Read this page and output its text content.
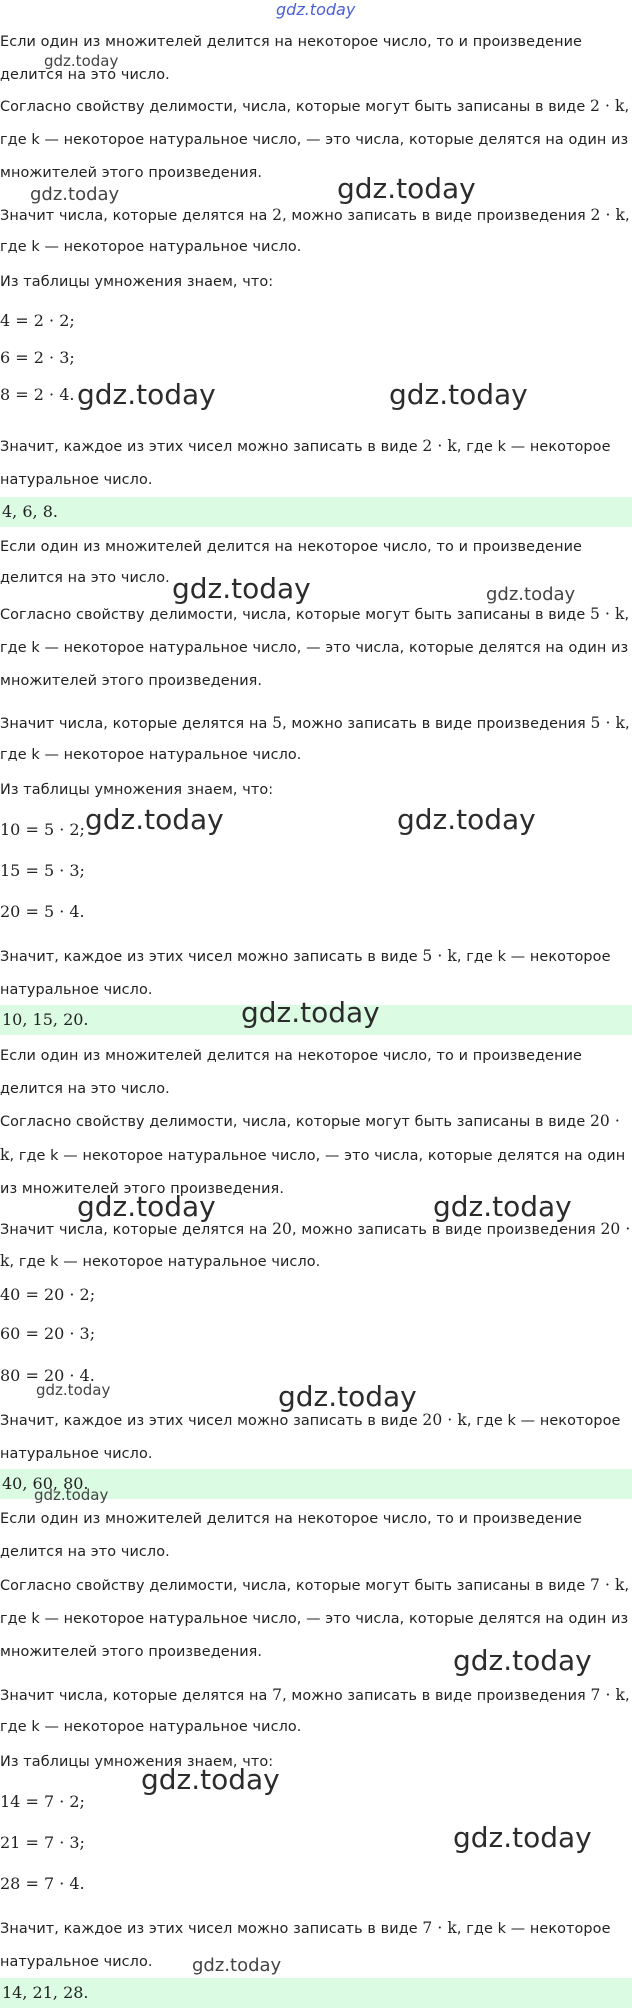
gdz.today

Если один из множителей делится на некоторое число, то и произведение делится на это число.

Согласно свойству делимости, числа, которые могут быть записаны в виде 2 · k, где k — некоторое натуральное число, — это числа, которые делятся на один из множителей этого произведения.

Значит числа, которые делятся на 2, можно записать в виде произведения 2 · k, где k — некоторое натуральное число.

Из таблицы умножения знаем, что:

4 = 2 · 2;
6 = 2 · 3;
8 = 2 · 4.

Значит, каждое из этих чисел можно записать в виде 2 · k, где k — некоторое натуральное число.

4, 6, 8.

Если один из множителей делится на некоторое число, то и произведение делится на это число.

Согласно свойству делимости, числа, которые могут быть записаны в виде 5 · k, где k — некоторое натуральное число, — это числа, которые делятся на один из множителей этого произведения.

Значит числа, которые делятся на 5, можно записать в виде произведения 5 · k, где k — некоторое натуральное число.

Из таблицы умножения знаем, что:

10 = 5 · 2;
15 = 5 · 3;
20 = 5 · 4.

Значит, каждое из этих чисел можно записать в виде 5 · k, где k — некоторое натуральное число.

10, 15, 20.

Если один из множителей делится на некоторое число, то и произведение делится на это число.

Согласно свойству делимости, числа, которые могут быть записаны в виде 20 · k, где k — некоторое натуральное число, — это числа, которые делятся на один из множителей этого произведения.

Значит числа, которые делятся на 20, можно записать в виде произведения 20 · k, где k — некоторое натуральное число.

40 = 20 · 2;
60 = 20 · 3;
80 = 20 · 4.

Значит, каждое из этих чисел можно записать в виде 20 · k, где k — некоторое натуральное число.

40, 60, 80.

Если один из множителей делится на некоторое число, то и произведение делится на это число.

Согласно свойству делимости, числа, которые могут быть записаны в виде 7 · k, где k — некоторое натуральное число, — это числа, которые делятся на один из множителей этого произведения.

Значит числа, которые делятся на 7, можно записать в виде произведения 7 · k, где k — некоторое натуральное число.

Из таблицы умножения знаем, что:

14 = 7 · 2;
21 = 7 · 3;
28 = 7 · 4.

Значит, каждое из этих чисел можно записать в виде 7 · k, где k — некоторое натуральное число.

14, 21, 28.
gdz.today
gdz.today	gdz.today
gdz.today	gdz.today
gdz.today	gdz.today
gdz.today	gdz.today
gdz.today
gdz.today	gdz.today
gdz.today	gdz.today
gdz.today
gdz.today
gdz.today
gdz.today
gdz.today
